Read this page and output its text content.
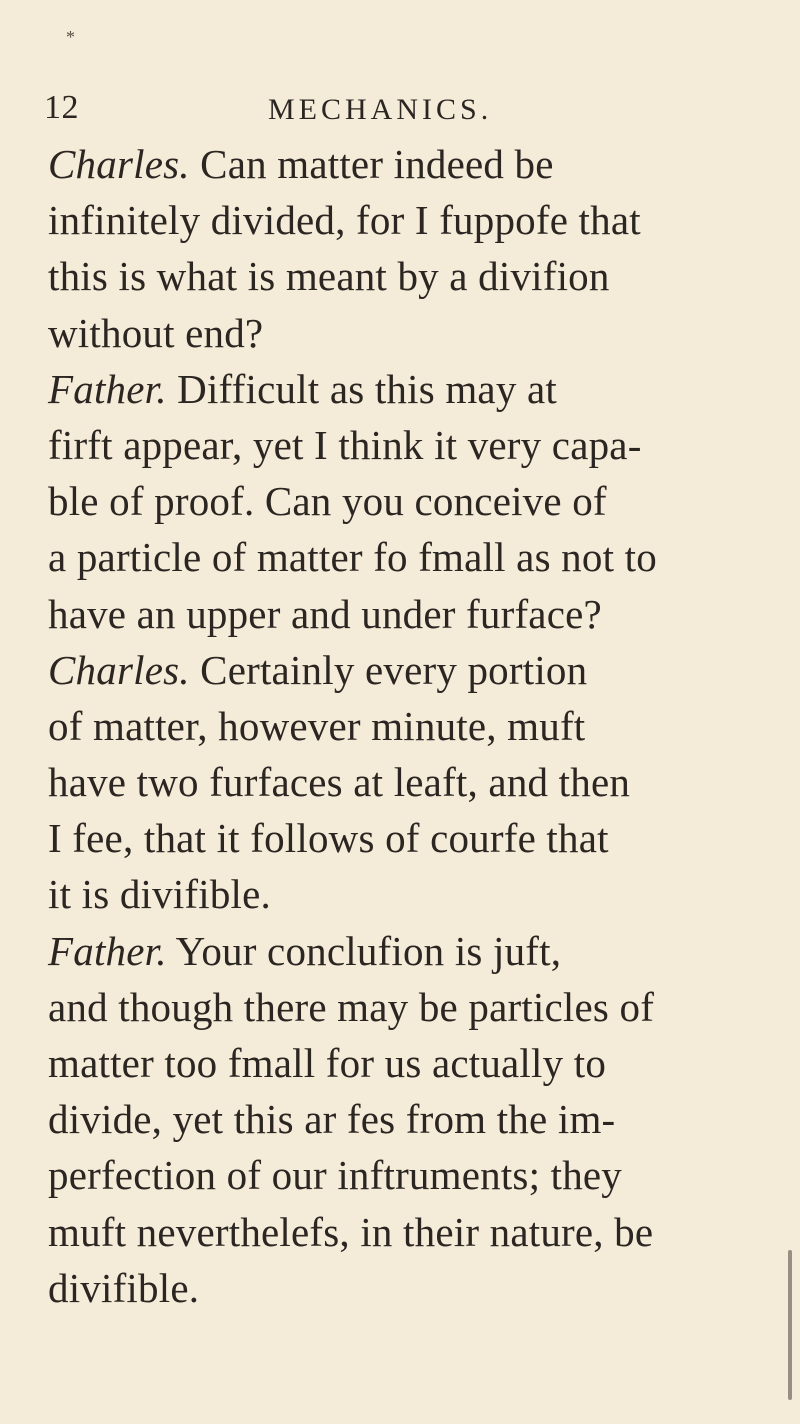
*
12	MECHANICS.
Charles. Can matter indeed be
infinitely divided, for I fuppofe that
this is what is meant by a divifion
without end?
Father. Difficult as this may at
firft appear, yet I think it very capa-
ble of proof. Can you conceive of
a particle of matter fo fmall as not to
have an upper and under furface?
Charles. Certainly every portion
of matter, however minute, muft
have two furfaces at leaft, and then
I fee, that it follows of courfe that
it is divifible.
Father. Your conclufion is juft,
and though there may be particles of
matter too fmall for us actually to
divide, yet this ar fes from the im-
perfection of our inftruments; they
muft neverthelefs, in their nature, be
divifible.
